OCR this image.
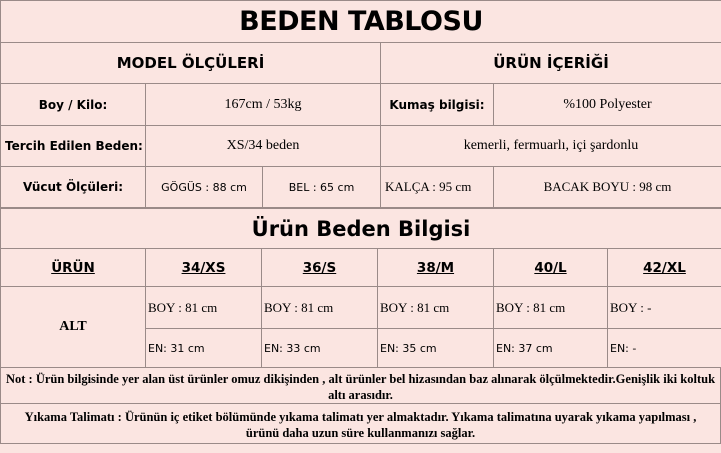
BEDEN TABLOSU				
MODEL ÖLÇÜLERİ			ÜRÜN İÇERİĞİ	
Boy / Kilo:	167cm / 53kg		Kumaş bilgisi:	%100 Polyester
Tercih Edilen Beden:	XS/34 beden		kemerli, fermuarlı, içi şardonlu	
Vücut Ölçüleri:	GÖGÜS : 88 cm	BEL : 65 cm	KALÇA : 95 cm	BACAK BOYU : 98 cm
Ürün Beden Bilgisi					
ÜRÜN	34/XS	36/S	38/M	40/L	42/XL
ALT	BOY : 81 cm	BOY : 81 cm	BOY : 81 cm	BOY : 81 cm	BOY : -
	EN: 31 cm	EN: 33 cm	EN: 35 cm	EN: 37 cm	EN: -
Not : Ürün bilgisinde yer alan üst ürünler omuz dikişinden , alt ürünler bel hizasından baz alınarak ölçülmektedir.Genişlik iki koltuk altı arasıdır.
Yıkama Talimatı : Ürünün iç etiket bölümünde yıkama talimatı yer almaktadır. Yıkama talimatına uyarak yıkama yapılması , ürünü daha uzun süre kullanmanızı sağlar.
